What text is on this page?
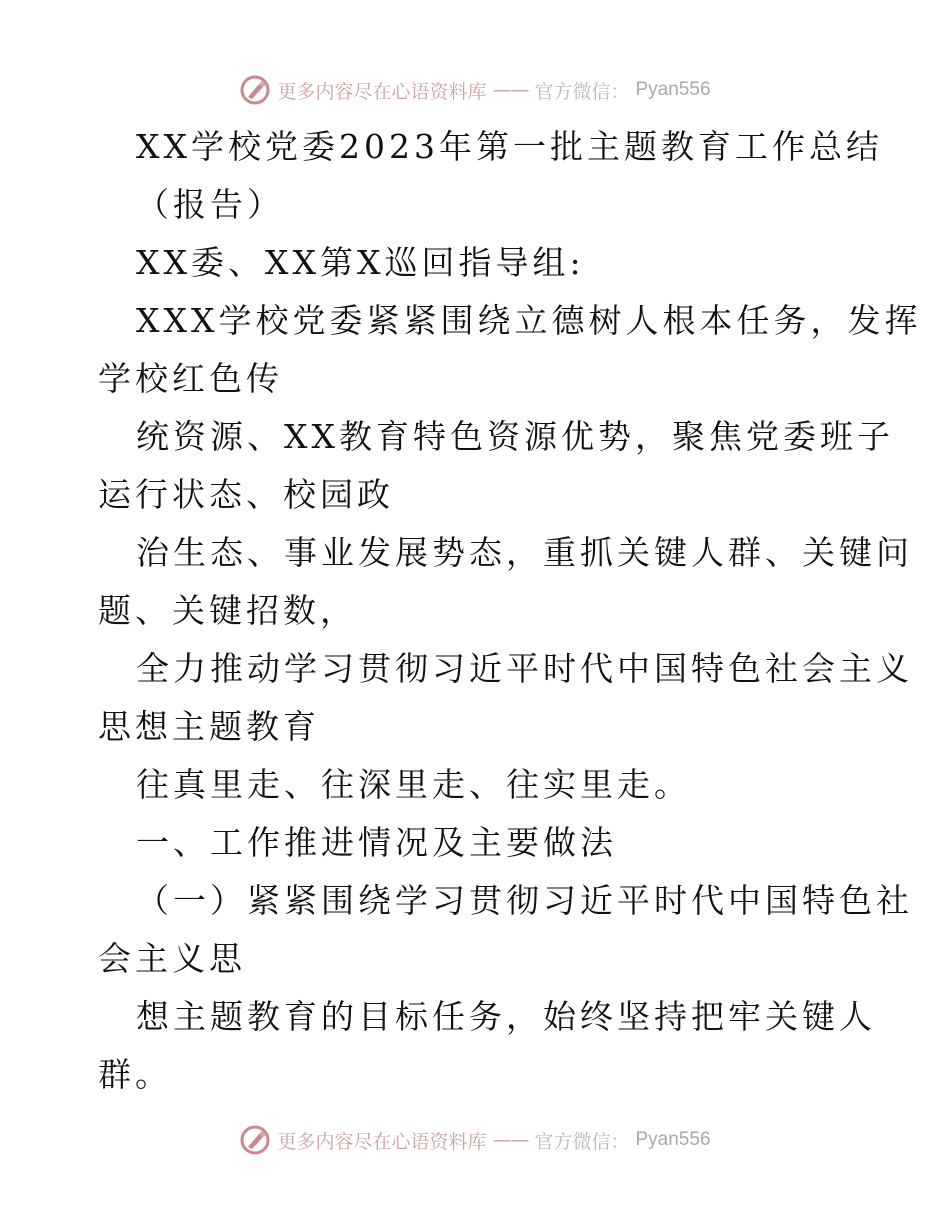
更多内容尽在心语资料库 —— 官方微信： Pyan556
XX学校党委2023年第一批主题教育工作总结
（报告）
XX委、XX第X巡回指导组:
XXX学校党委紧紧围绕立德树人根本任务，发挥
学校红色传
统资源、XX教育特色资源优势，聚焦党委班子
运行状态、校园政
治生态、事业发展势态，重抓关键人群、关键问
题、关键招数，
全力推动学习贯彻习近平时代中国特色社会主义
思想主题教育
往真里走、往深里走、往实里走。
一、工作推进情况及主要做法
（一）紧紧围绕学习贯彻习近平时代中国特色社
会主义思
想主题教育的目标任务，始终坚持把牢关键人
群。
更多内容尽在心语资料库 —— 官方微信： Pyan556
